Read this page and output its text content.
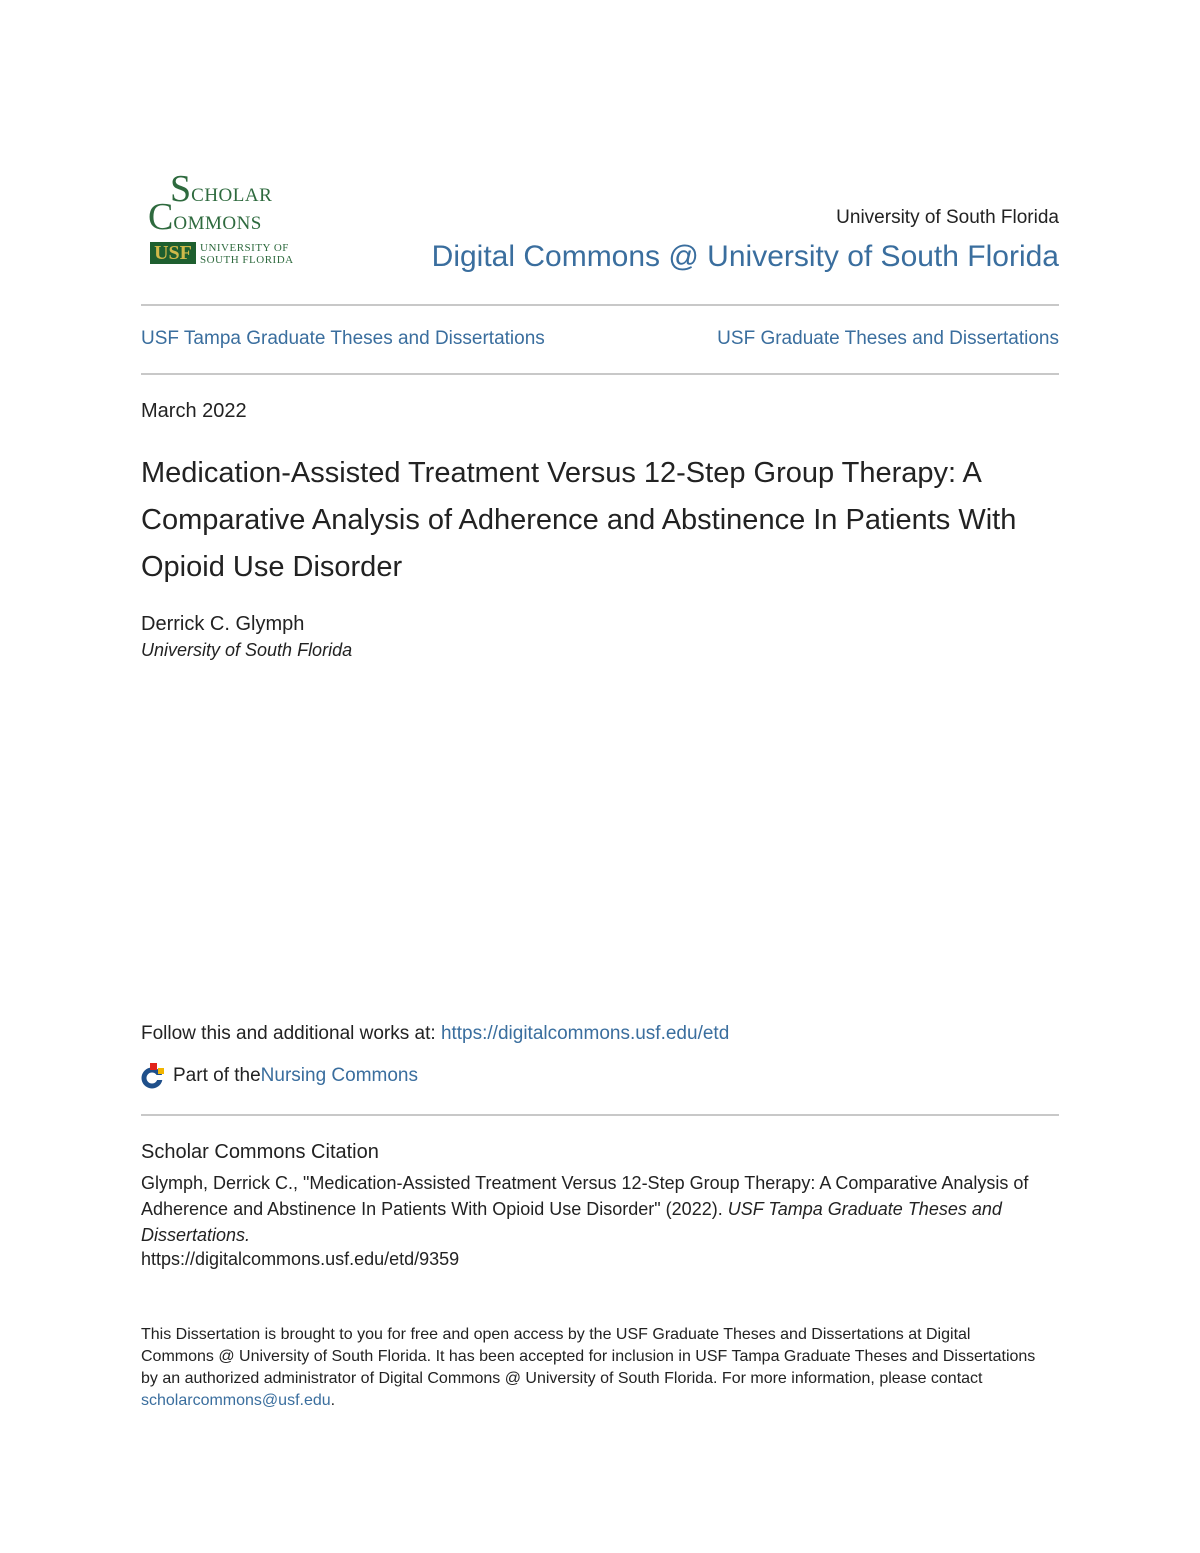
SCHOLAR
COMMONS
USF UNIVERSITY OF
SOUTH FLORIDA
University of South Florida
Digital Commons @ University of South Florida
USF Tampa Graduate Theses and Dissertations	USF Graduate Theses and Dissertations
March 2022
Medication-Assisted Treatment Versus 12-Step Group Therapy: A Comparative Analysis of Adherence and Abstinence In Patients With Opioid Use Disorder
Derrick C. Glymph
University of South Florida
Follow this and additional works at: https://digitalcommons.usf.edu/etd
Part of the Nursing Commons
Scholar Commons Citation
Glymph, Derrick C., "Medication-Assisted Treatment Versus 12-Step Group Therapy: A Comparative Analysis of Adherence and Abstinence In Patients With Opioid Use Disorder" (2022). USF Tampa Graduate Theses and Dissertations.
https://digitalcommons.usf.edu/etd/9359
This Dissertation is brought to you for free and open access by the USF Graduate Theses and Dissertations at Digital Commons @ University of South Florida. It has been accepted for inclusion in USF Tampa Graduate Theses and Dissertations by an authorized administrator of Digital Commons @ University of South Florida. For more information, please contact scholarcommons@usf.edu.
